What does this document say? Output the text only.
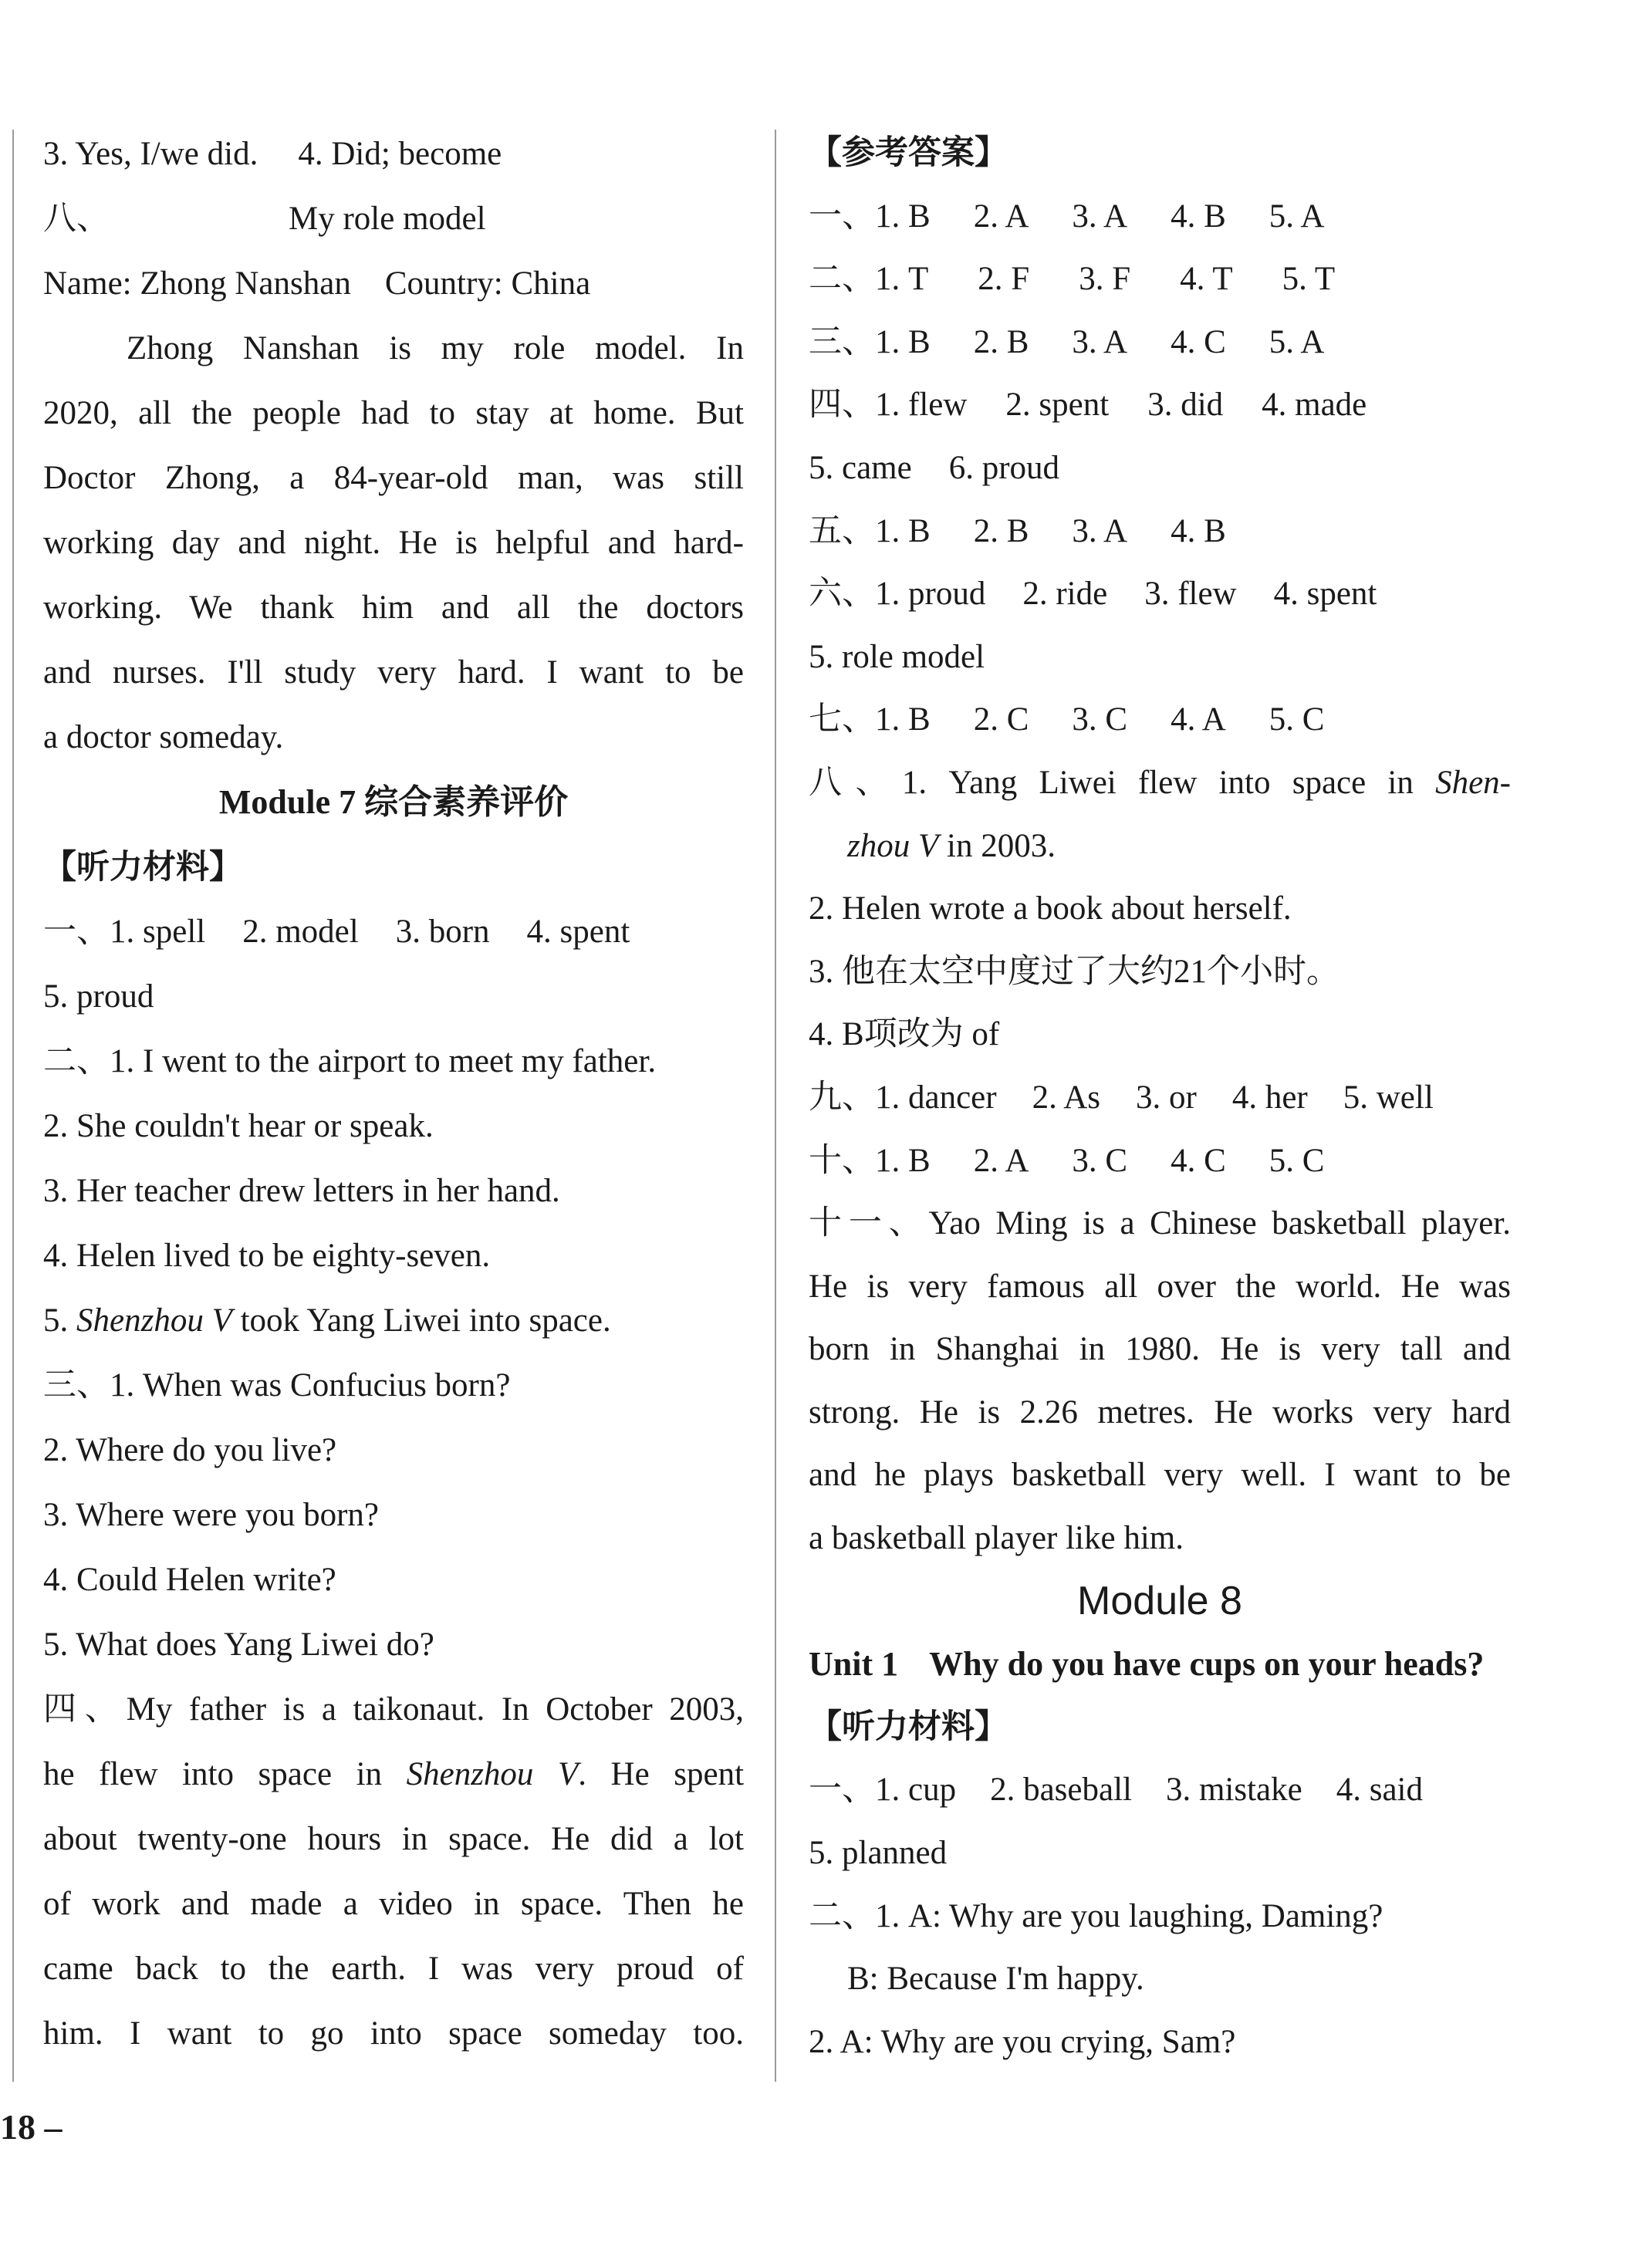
3. Yes, I/we did. 4. Did; become
八、	My role model
Name: Zhong Nanshan Country: China
Zhong Nanshan is my role model. In
2020, all the people had to stay at home. But
Doctor Zhong, a 84-year-old man, was still
working day and night. He is helpful and hard-
working. We thank him and all the doctors
and nurses. I'll study very hard. I want to be
a doctor someday.
Module 7 综合素养评价
【听力材料】
一、1. spell 2. model 3. born 4. spent
5. proud
二、1. I went to the airport to meet my father.
2. She couldn't hear or speak.
3. Her teacher drew letters in her hand.
4. Helen lived to be eighty-seven.
5. Shenzhou V took Yang Liwei into space.
三、1. When was Confucius born?
2. Where do you live?
3. Where were you born?
4. Could Helen write?
5. What does Yang Liwei do?
四、My father is a taikonaut. In October 2003,
he flew into space in Shenzhou V. He spent
about twenty-one hours in space. He did a lot
of work and made a video in space. Then he
came back to the earth. I was very proud of
him. I want to go into space someday too.
【参考答案】
一、1. B 2. A 3. A 4. B 5. A
二、1. T 2. F 3. F 4. T 5. T
三、1. B 2. B 3. A 4. C 5. A
四、1. flew 2. spent 3. did 4. made
5. came 6. proud
五、1. B 2. B 3. A 4. B
六、1. proud 2. ride 3. flew 4. spent
5. role model
七、1. B 2. C 3. C 4. A 5. C
八、1. Yang Liwei flew into space in Shen-
zhou V in 2003.
2. Helen wrote a book about herself.
3. 他在太空中度过了大约21个小时。
4. B项改为 of
九、1. dancer 2. As 3. or 4. her 5. well
十、1. B 2. A 3. C 4. C 5. C
十一、Yao Ming is a Chinese basketball player.
He is very famous all over the world. He was
born in Shanghai in 1980. He is very tall and
strong. He is 2.26 metres. He works very hard
and he plays basketball very well. I want to be
a basketball player like him.
Module 8
Unit 1 Why do you have cups on your heads?
【听力材料】
一、1. cup 2. baseball 3. mistake 4. said
5. planned
二、1. A: Why are you laughing, Daming?
B: Because I'm happy.
2. A: Why are you crying, Sam?
18 –
